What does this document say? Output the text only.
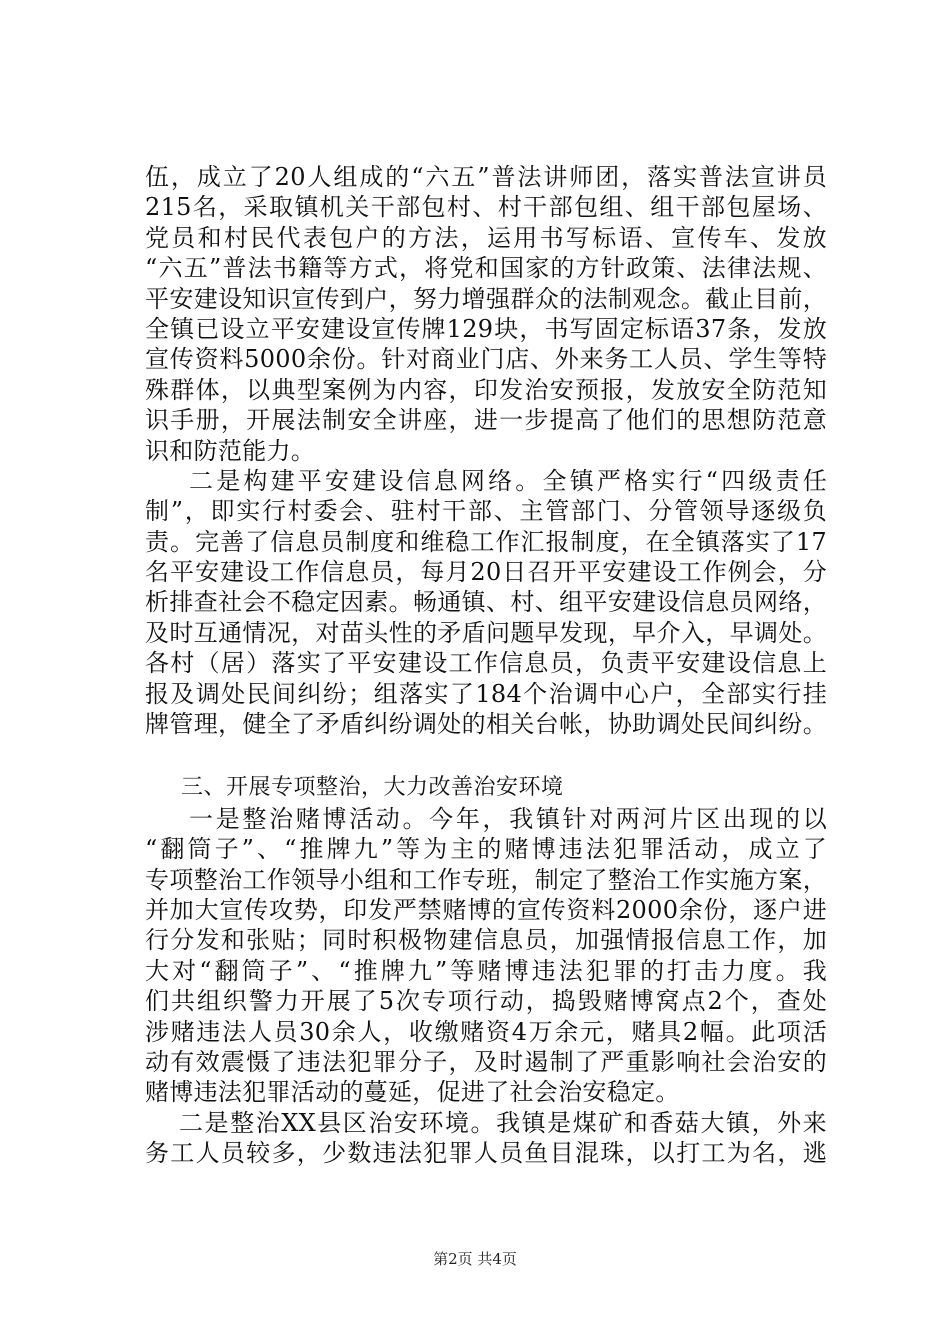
伍，成立了20人组成的“六五”普法讲师团，落实普法宣讲员
215名，采取镇机关干部包村、村干部包组、组干部包屋场、
党员和村民代表包户的方法，运用书写标语、宣传车、发放
“六五”普法书籍等方式，将党和国家的方针政策、法律法规、
平安建设知识宣传到户，努力增强群众的法制观念。截止目前，
全镇已设立平安建设宣传牌129块，书写固定标语37条，发放
宣传资料5000余份。针对商业门店、外来务工人员、学生等特
殊群体，以典型案例为内容，印发治安预报，发放安全防范知
识手册，开展法制安全讲座，进一步提高了他们的思想防范意
识和防范能力。
二是构建平安建设信息网络。全镇严格实行“四级责任
制”，即实行村委会、驻村干部、主管部门、分管领导逐级负
责。完善了信息员制度和维稳工作汇报制度，在全镇落实了17
名平安建设工作信息员，每月20日召开平安建设工作例会，分
析排查社会不稳定因素。畅通镇、村、组平安建设信息员网络，
及时互通情况，对苗头性的矛盾问题早发现，早介入，早调处。
各村（居）落实了平安建设工作信息员，负责平安建设信息上
报及调处民间纠纷；组落实了184个治调中心户，全部实行挂
牌管理，健全了矛盾纠纷调处的相关台帐，协助调处民间纠纷。
三、开展专项整治，大力改善治安环境
一是整治赌博活动。今年，我镇针对两河片区出现的以
“翻筒子”、“推牌九”等为主的赌博违法犯罪活动，成立了
专项整治工作领导小组和工作专班，制定了整治工作实施方案，
并加大宣传攻势，印发严禁赌博的宣传资料2000余份，逐户进
行分发和张贴；同时积极物建信息员，加强情报信息工作，加
大对“翻筒子”、“推牌九”等赌博违法犯罪的打击力度。我
们共组织警力开展了5次专项行动，捣毁赌博窝点2个，查处
涉赌违法人员30余人，收缴赌资4万余元，赌具2幅。此项活
动有效震慑了违法犯罪分子，及时遏制了严重影响社会治安的
赌博违法犯罪活动的蔓延，促进了社会治安稳定。
二是整治XX县区治安环境。我镇是煤矿和香菇大镇，外来
务工人员较多，少数违法犯罪人员鱼目混珠，以打工为名，逃
第2页 共4页
